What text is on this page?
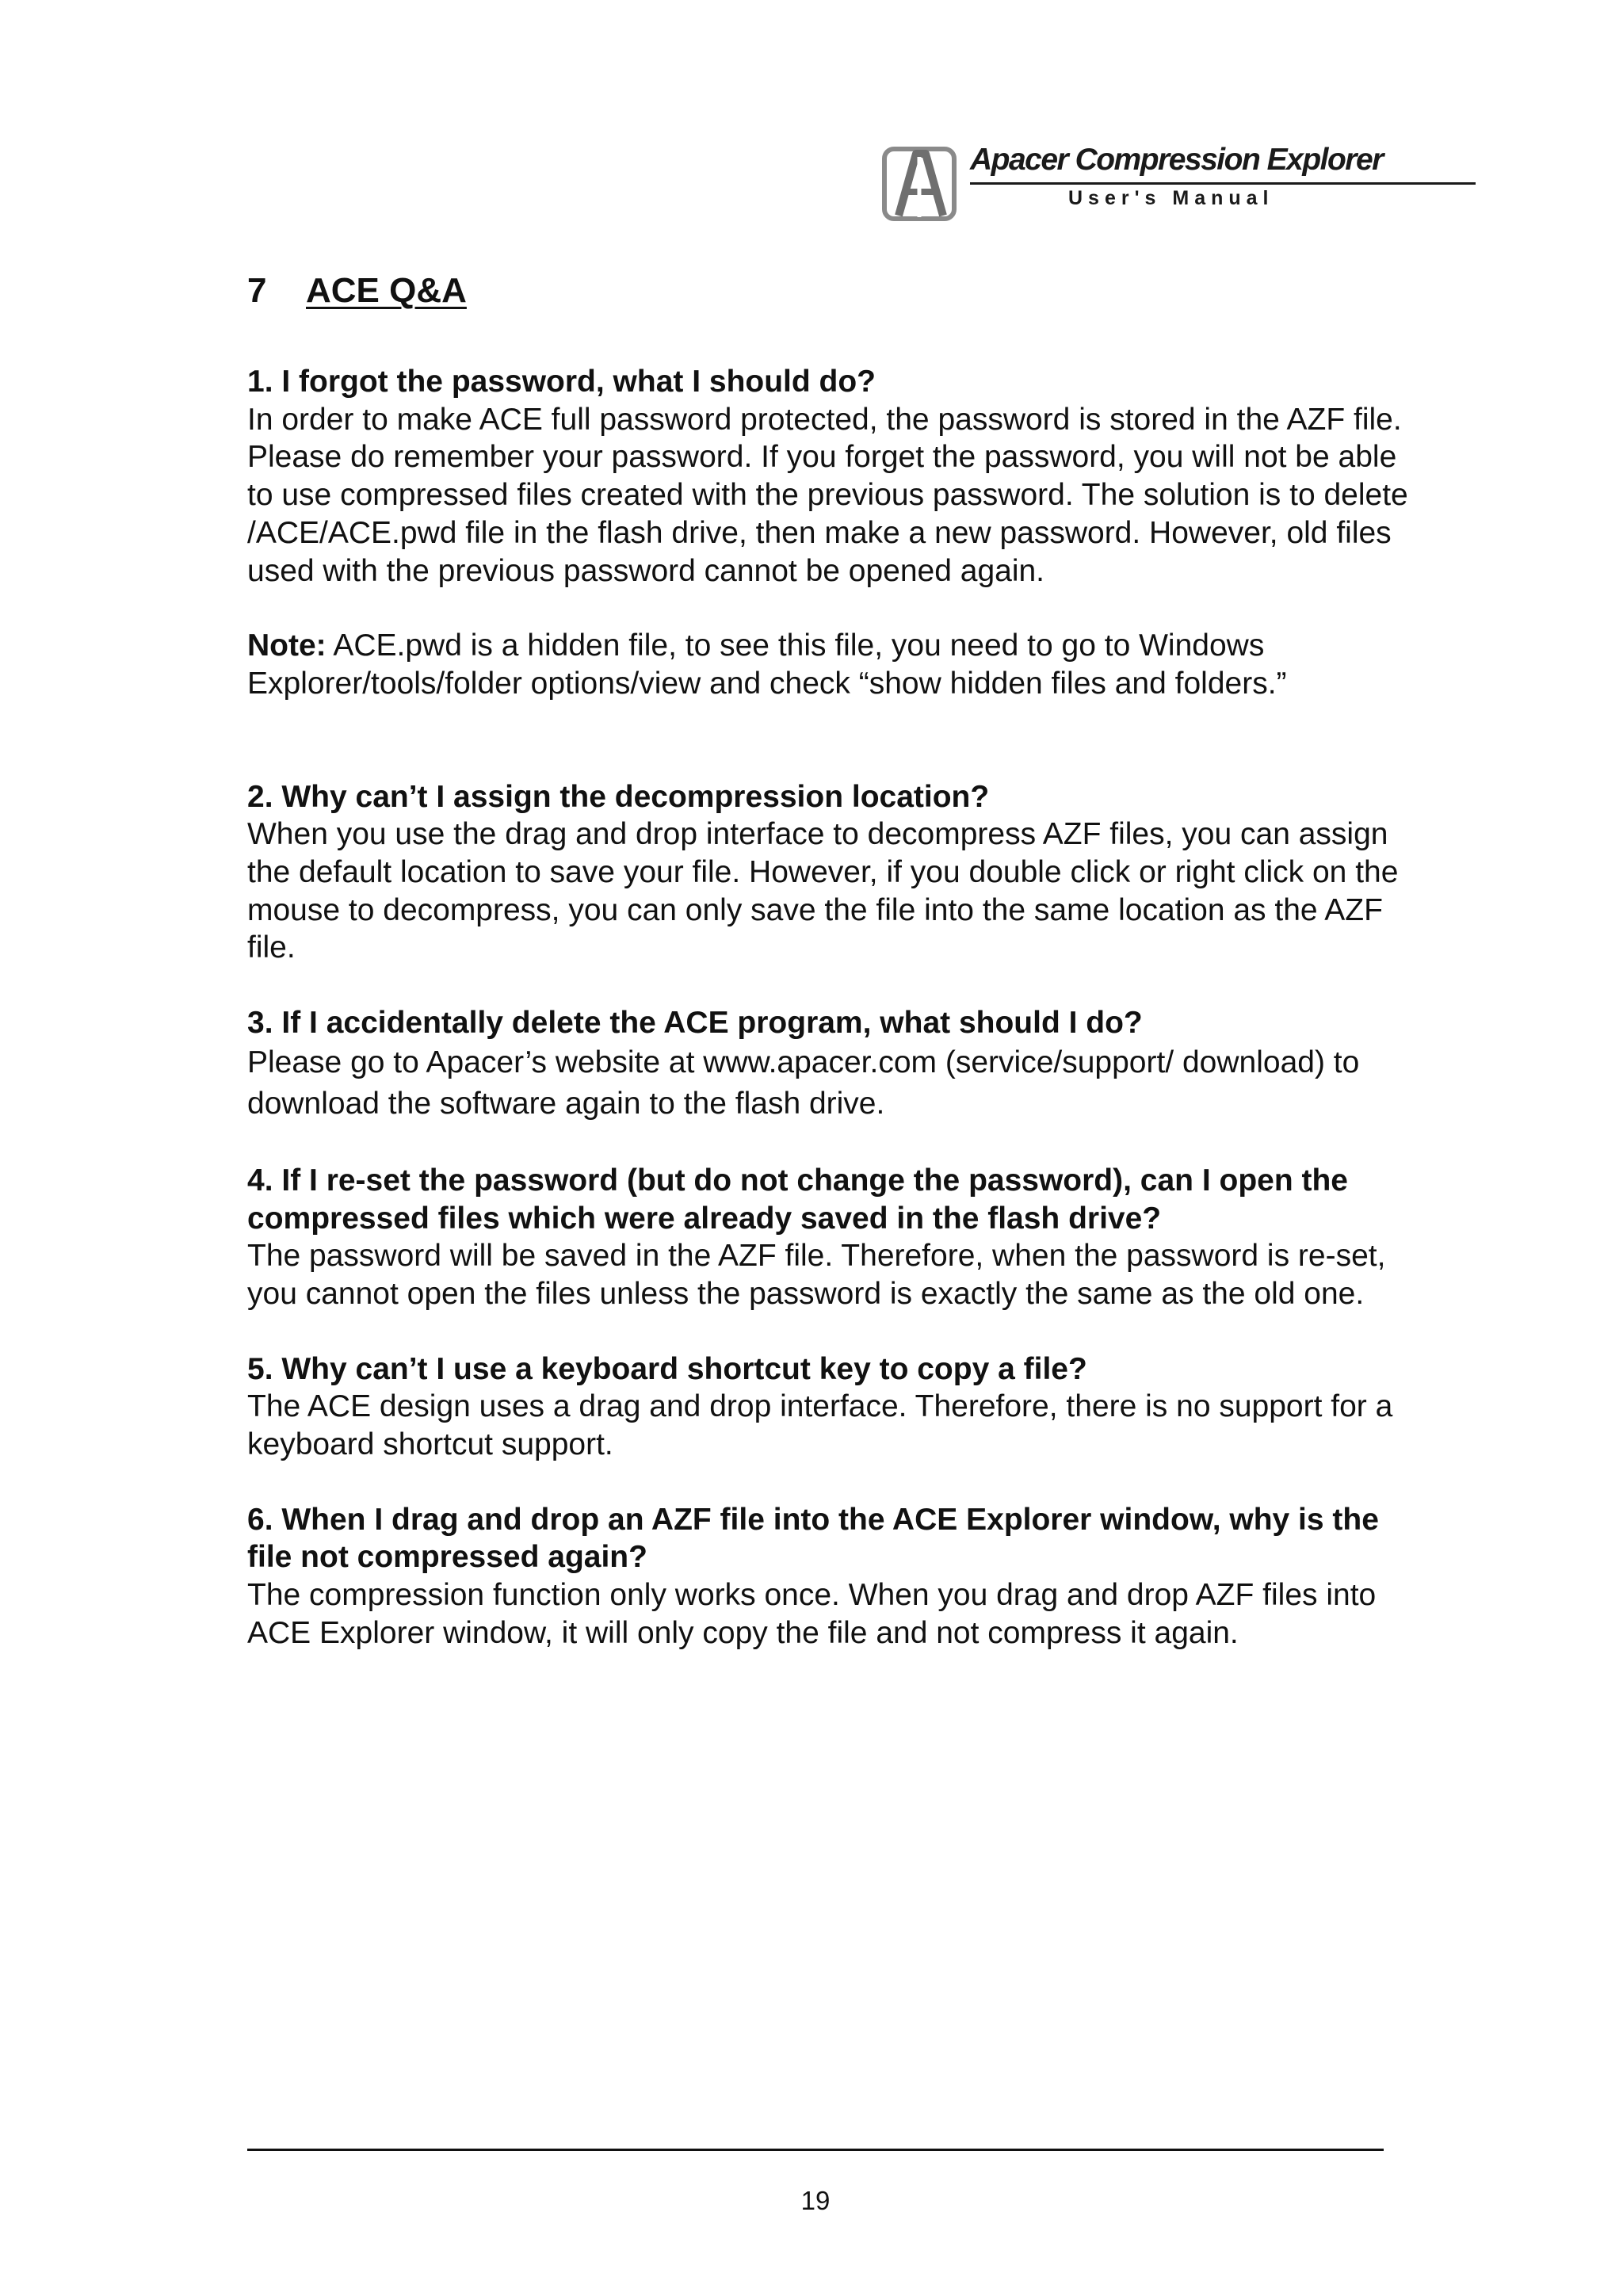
Apacer Compression Explorer
User's Manual
7 ACE Q&A

1. I forgot the password, what I should do?

In order to make ACE full password protected, the password is stored in the AZF file. Please do remember your password. If you forget the password, you will not be able to use compressed files created with the previous password. The solution is to delete /ACE/ACE.pwd file in the flash drive, then make a new password. However, old files used with the previous password cannot be opened again.

Note: ACE.pwd is a hidden file, to see this file, you need to go to Windows Explorer/tools/folder options/view and check “show hidden files and folders.”

2. Why can’t I assign the decompression location?

When you use the drag and drop interface to decompress AZF files, you can assign the default location to save your file. However, if you double click or right click on the mouse to decompress, you can only save the file into the same location as the AZF file.

3. If I accidentally delete the ACE program, what should I do?

Please go to Apacer’s website at www.apacer.com (service/support/ download) to download the software again to the flash drive.

4. If I re-set the password (but do not change the password), can I open the compressed files which were already saved in the flash drive?

The password will be saved in the AZF file. Therefore, when the password is re-set, you cannot open the files unless the password is exactly the same as the old one.

5. Why can’t I use a keyboard shortcut key to copy a file?

The ACE design uses a drag and drop interface. Therefore, there is no support for a keyboard shortcut support.

6. When I drag and drop an AZF file into the ACE Explorer window, why is the file not compressed again?

The compression function only works once. When you drag and drop AZF files into ACE Explorer window, it will only copy the file and not compress it again.

19
